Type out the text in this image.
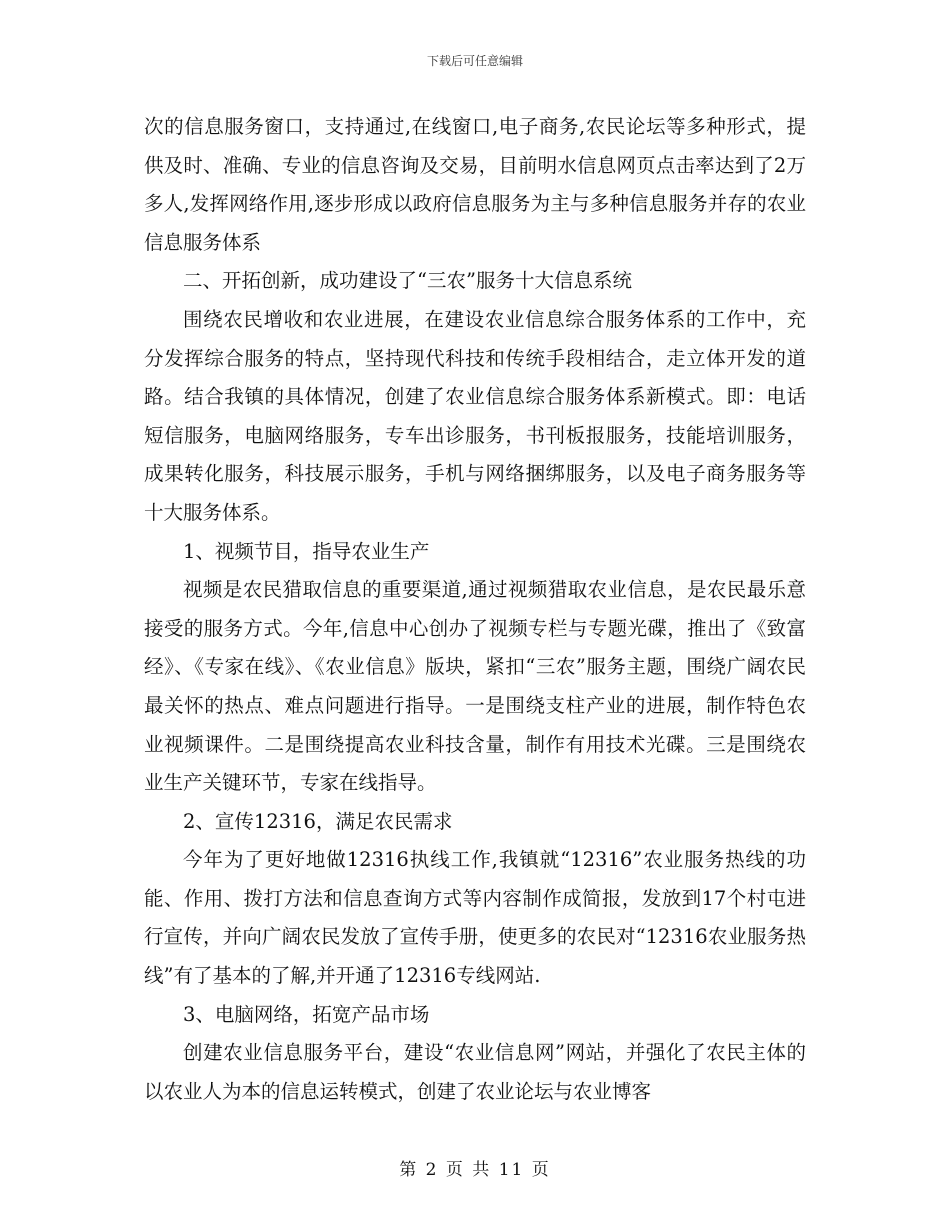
下载后可任意编辑

次的信息服务窗口，支持通过,在线窗口,电子商务,农民论坛等多种形式，提供及时、准确、专业的信息咨询及交易，目前明水信息网页点击率达到了2万多人,发挥网络作用,逐步形成以政府信息服务为主与多种信息服务并存的农业信息服务体系

二、开拓创新，成功建设了“三农”服务十大信息系统

围绕农民增收和农业进展，在建设农业信息综合服务体系的工作中，充分发挥综合服务的特点，坚持现代科技和传统手段相结合，走立体开发的道路。结合我镇的具体情况，创建了农业信息综合服务体系新模式。即：电话短信服务，电脑网络服务，专车出诊服务，书刊板报服务，技能培训服务，成果转化服务，科技展示服务，手机与网络捆绑服务，以及电子商务服务等十大服务体系。

1、视频节目，指导农业生产

视频是农民猎取信息的重要渠道,通过视频猎取农业信息，是农民最乐意接受的服务方式。今年,信息中心创办了视频专栏与专题光碟，推出了《致富经》、《专家在线》、《农业信息》版块，紧扣“三农”服务主题，围绕广阔农民最关怀的热点、难点问题进行指导。一是围绕支柱产业的进展，制作特色农业视频课件。二是围绕提高农业科技含量，制作有用技术光碟。三是围绕农业生产关键环节，专家在线指导。

2、宣传12316，满足农民需求

今年为了更好地做12316执线工作,我镇就“12316”农业服务热线的功能、作用、拨打方法和信息查询方式等内容制作成简报，发放到17个村屯进行宣传，并向广阔农民发放了宣传手册，使更多的农民对“12316农业服务热线”有了基本的了解,并开通了12316专线网站.

3、电脑网络，拓宽产品市场

创建农业信息服务平台，建设“农业信息网”网站，并强化了农民主体的以农业人为本的信息运转模式，创建了农业论坛与农业博客

第 2 页 共 11 页
